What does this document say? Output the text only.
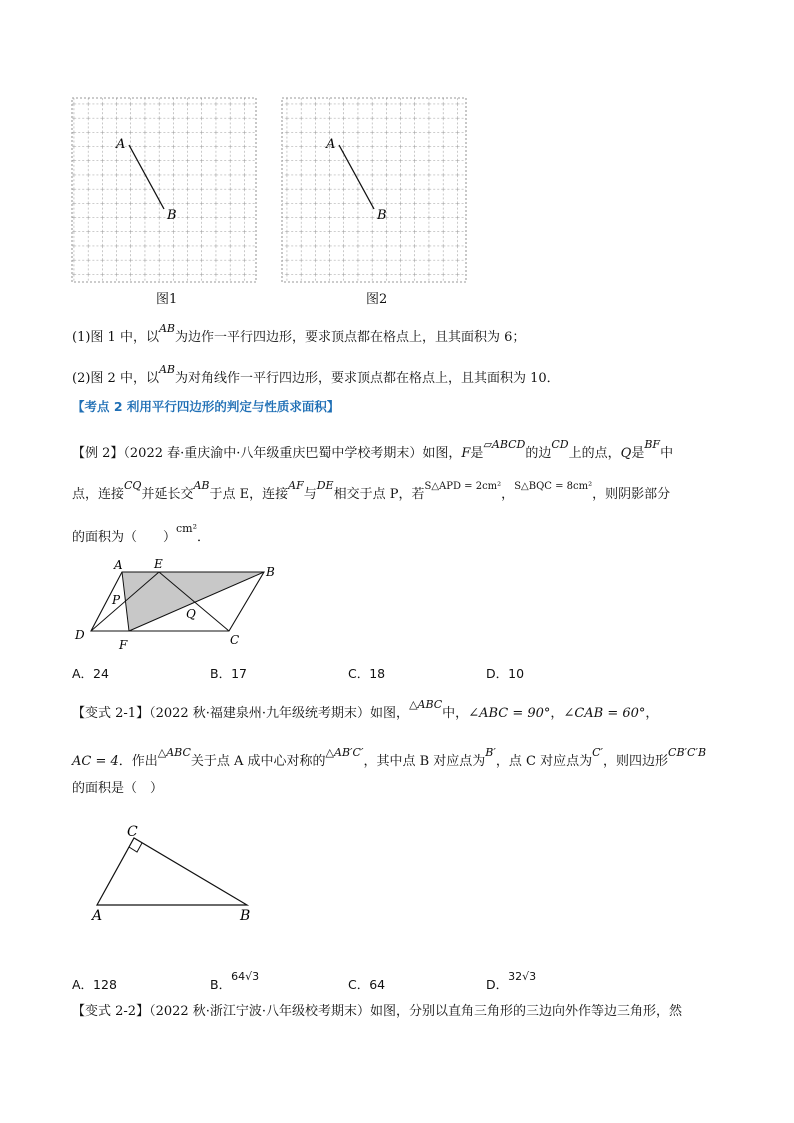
A
B
A
B
图1	图2
(1)图 1 中，以$^{AB}$为边作一平行四边形，要求顶点都在格点上，且其面积为 6；
(2)图 2 中，以$^{AB}$为对角线作一平行四边形，要求顶点都在格点上，且其面积为 10．
【考点 2 利用平行四边形的判定与性质求面积】
【例 2】（2022 春·重庆渝中·八年级重庆巴蜀中学校考期末）如图，F是$^{▱ABCD}$的边$^{CD}$上的点，Q是$^{BF}$中
点，连接$^{CQ}$并延长交$^{AB}$于点 E，连接$^{AF}$与$^{DE}$相交于点 P，若$^{S\triangle APD = 2cm^2}$，$^{S\triangle BQC = 8cm^2}$，则阴影部分
的面积为（　　）$^{cm^2}$．
A	E
B
P
Q
D
F	C
A．24	B．17	C．18	D．10
【变式 2-1】（2022 秋·福建泉州·九年级统考期末）如图，$^{\triangle ABC}$中，∠ABC = 90°，∠CAB = 60°，
AC = 4．作出$^{\triangle ABC}$关于点 A 成中心对称的$^{\triangle AB'C'}$，其中点 B 对应点为$^{B'}$，点 C 对应点为$^{C'}$，则四边形$^{CB'C'B}$
的面积是（　）
C
A	B
A．128	B．64√3
C．64	D．32√3
【变式 2-2】（2022 秋·浙江宁波·八年级校考期末）如图，分别以直角三角形的三边向外作等边三角形，然
